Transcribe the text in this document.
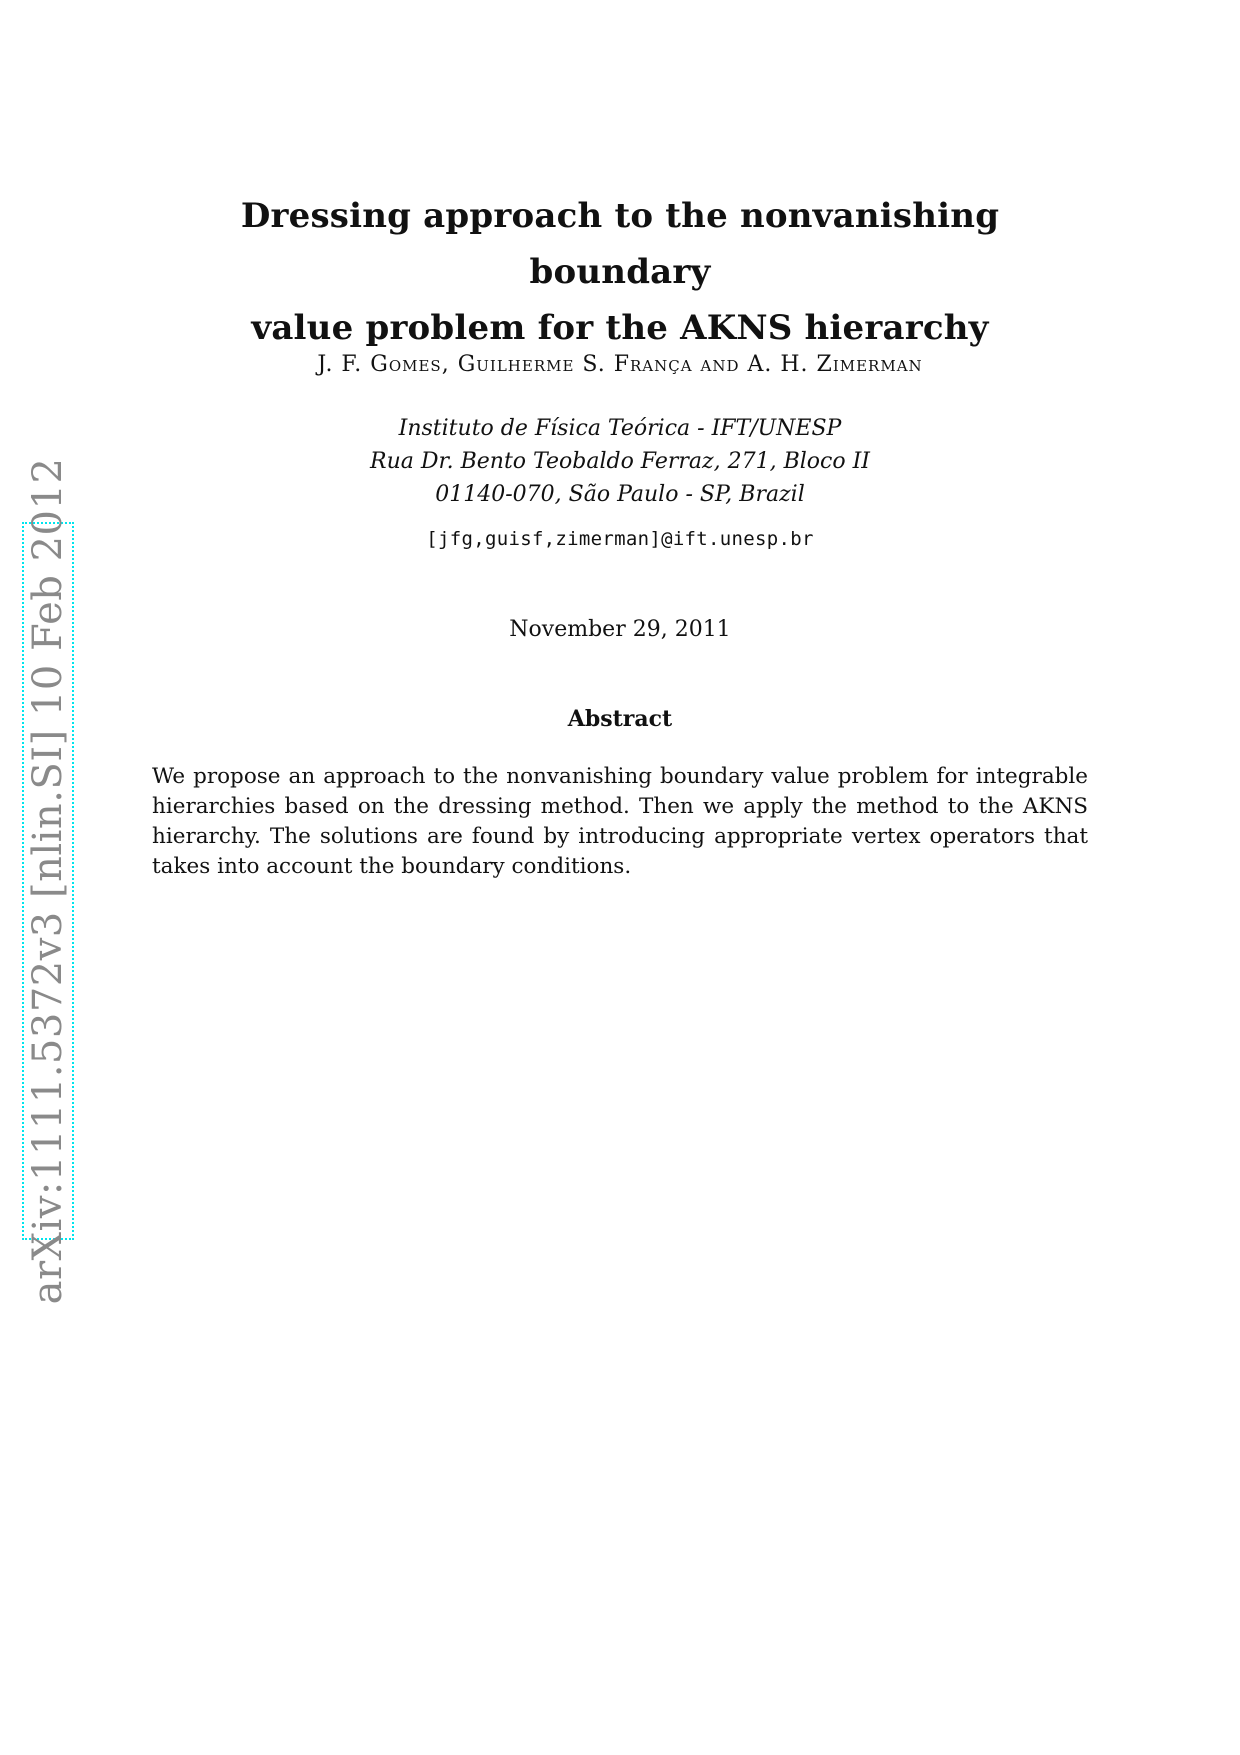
arXiv:1111.5372v3 [nlin.SI] 10 Feb 2012
Dressing approach to the nonvanishing boundary
value problem for the AKNS hierarchy
J. F. Gomes, Guilherme S. França and A. H. Zimerman
Instituto de Física Teórica - IFT/UNESP
Rua Dr. Bento Teobaldo Ferraz, 271, Bloco II
01140-070, São Paulo - SP, Brazil
[jfg,guisf,zimerman]@ift.unesp.br
November 29, 2011
Abstract
We propose an approach to the nonvanishing boundary value problem for integrable
hierarchies based on the dressing method. Then we apply the method to the AKNS
hierarchy. The solutions are found by introducing appropriate vertex operators that
takes into account the boundary conditions.
